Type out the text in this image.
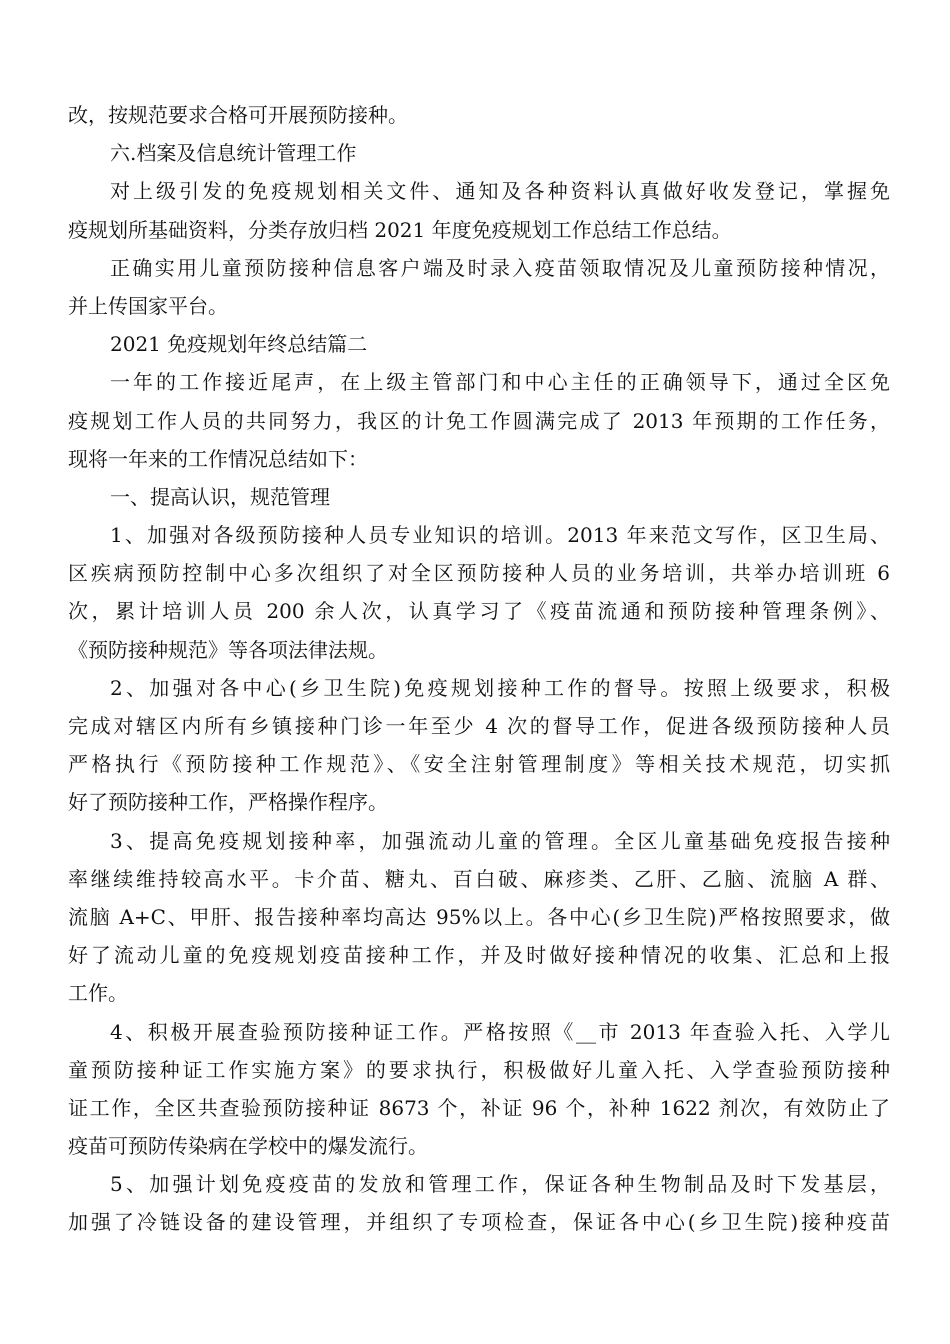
改，按规范要求合格可开展预防接种。
六.档案及信息统计管理工作
对上级引发的免疫规划相关文件、通知及各种资料认真做好收发登记，掌握免
疫规划所基础资料，分类存放归档 2021 年度免疫规划工作总结工作总结。
正确实用儿童预防接种信息客户端及时录入疫苗领取情况及儿童预防接种情况，
并上传国家平台。
2021 免疫规划年终总结篇二
一年的工作接近尾声，在上级主管部门和中心主任的正确领导下，通过全区免
疫规划工作人员的共同努力，我区的计免工作圆满完成了 2013 年预期的工作任务，
现将一年来的工作情况总结如下：
一、提高认识，规范管理
1、加强对各级预防接种人员专业知识的培训。2013 年来范文写作，区卫生局、
区疾病预防控制中心多次组织了对全区预防接种人员的业务培训，共举办培训班 6
次，累计培训人员 200 余人次，认真学习了《疫苗流通和预防接种管理条例》、
《预防接种规范》等各项法律法规。
2、加强对各中心(乡卫生院)免疫规划接种工作的督导。按照上级要求，积极
完成对辖区内所有乡镇接种门诊一年至少 4 次的督导工作，促进各级预防接种人员
严格执行《预防接种工作规范》、《安全注射管理制度》等相关技术规范，切实抓
好了预防接种工作，严格操作程序。
3、提高免疫规划接种率，加强流动儿童的管理。全区儿童基础免疫报告接种
率继续维持较高水平。卡介苗、糖丸、百白破、麻疹类、乙肝、乙脑、流脑 A 群、
流脑 A+C、甲肝、报告接种率均高达 95%以上。各中心(乡卫生院)严格按照要求，做
好了流动儿童的免疫规划疫苗接种工作，并及时做好接种情况的收集、汇总和上报
工作。
4、积极开展查验预防接种证工作。严格按照《__市 2013 年查验入托、入学儿
童预防接种证工作实施方案》的要求执行，积极做好儿童入托、入学查验预防接种
证工作，全区共查验预防接种证 8673 个，补证 96 个，补种 1622 剂次，有效防止了
疫苗可预防传染病在学校中的爆发流行。
5、加强计划免疫疫苗的发放和管理工作，保证各种生物制品及时下发基层，
加强了冷链设备的建设管理，并组织了专项检查，保证各中心(乡卫生院)接种疫苗
